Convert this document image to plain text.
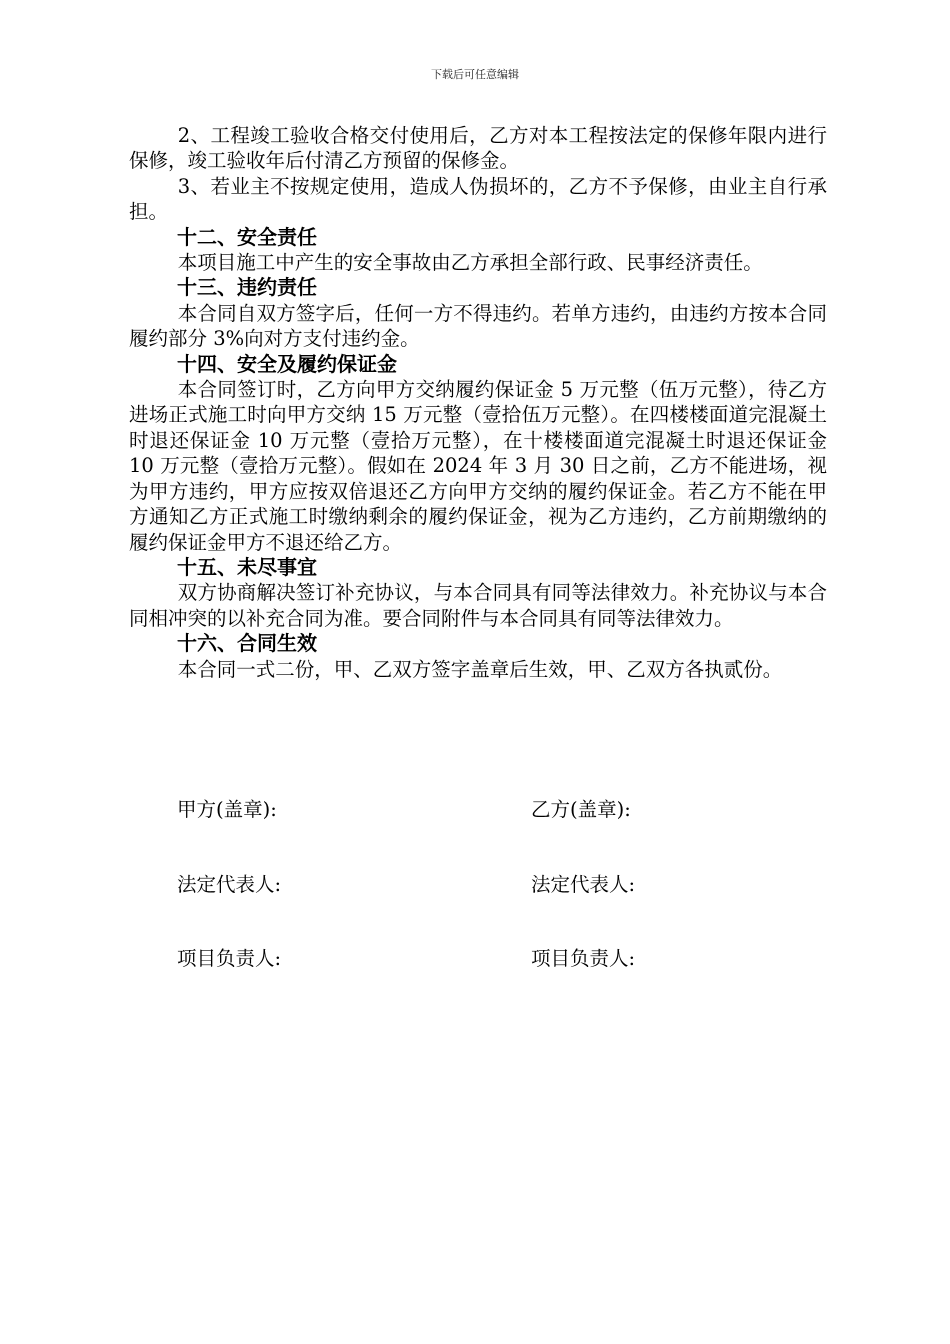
下载后可任意编辑

2、工程竣工验收合格交付使用后，乙方对本工程按法定的保修年限内进行保修，竣工验收年后付清乙方预留的保修金。

3、若业主不按规定使用，造成人伪损坏的，乙方不予保修，由业主自行承担。

十二、安全责任

本项目施工中产生的安全事故由乙方承担全部行政、民事经济责任。

十三、违约责任

本合同自双方签字后，任何一方不得违约。若单方违约，由违约方按本合同履约部分 3%向对方支付违约金。

十四、安全及履约保证金

本合同签订时，乙方向甲方交纳履约保证金 5 万元整（伍万元整），待乙方进场正式施工时向甲方交纳 15 万元整（壹拾伍万元整）。在四楼楼面道完混凝土时退还保证金 10 万元整（壹拾万元整），在十楼楼面道完混凝土时退还保证金 10 万元整（壹拾万元整）。假如在 2024 年 3 月 30 日之前，乙方不能进场，视为甲方违约，甲方应按双倍退还乙方向甲方交纳的履约保证金。若乙方不能在甲方通知乙方正式施工时缴纳剩余的履约保证金，视为乙方违约，乙方前期缴纳的履约保证金甲方不退还给乙方。

十五、未尽事宜

双方协商解决签订补充协议，与本合同具有同等法律效力。补充协议与本合同相冲突的以补充合同为准。要合同附件与本合同具有同等法律效力。

十六、合同生效

本合同一式二份，甲、乙双方签字盖章后生效，甲、乙双方各执贰份。

甲方(盖章):	乙方(盖章):
法定代表人:	法定代表人:
项目负责人:	项目负责人:
